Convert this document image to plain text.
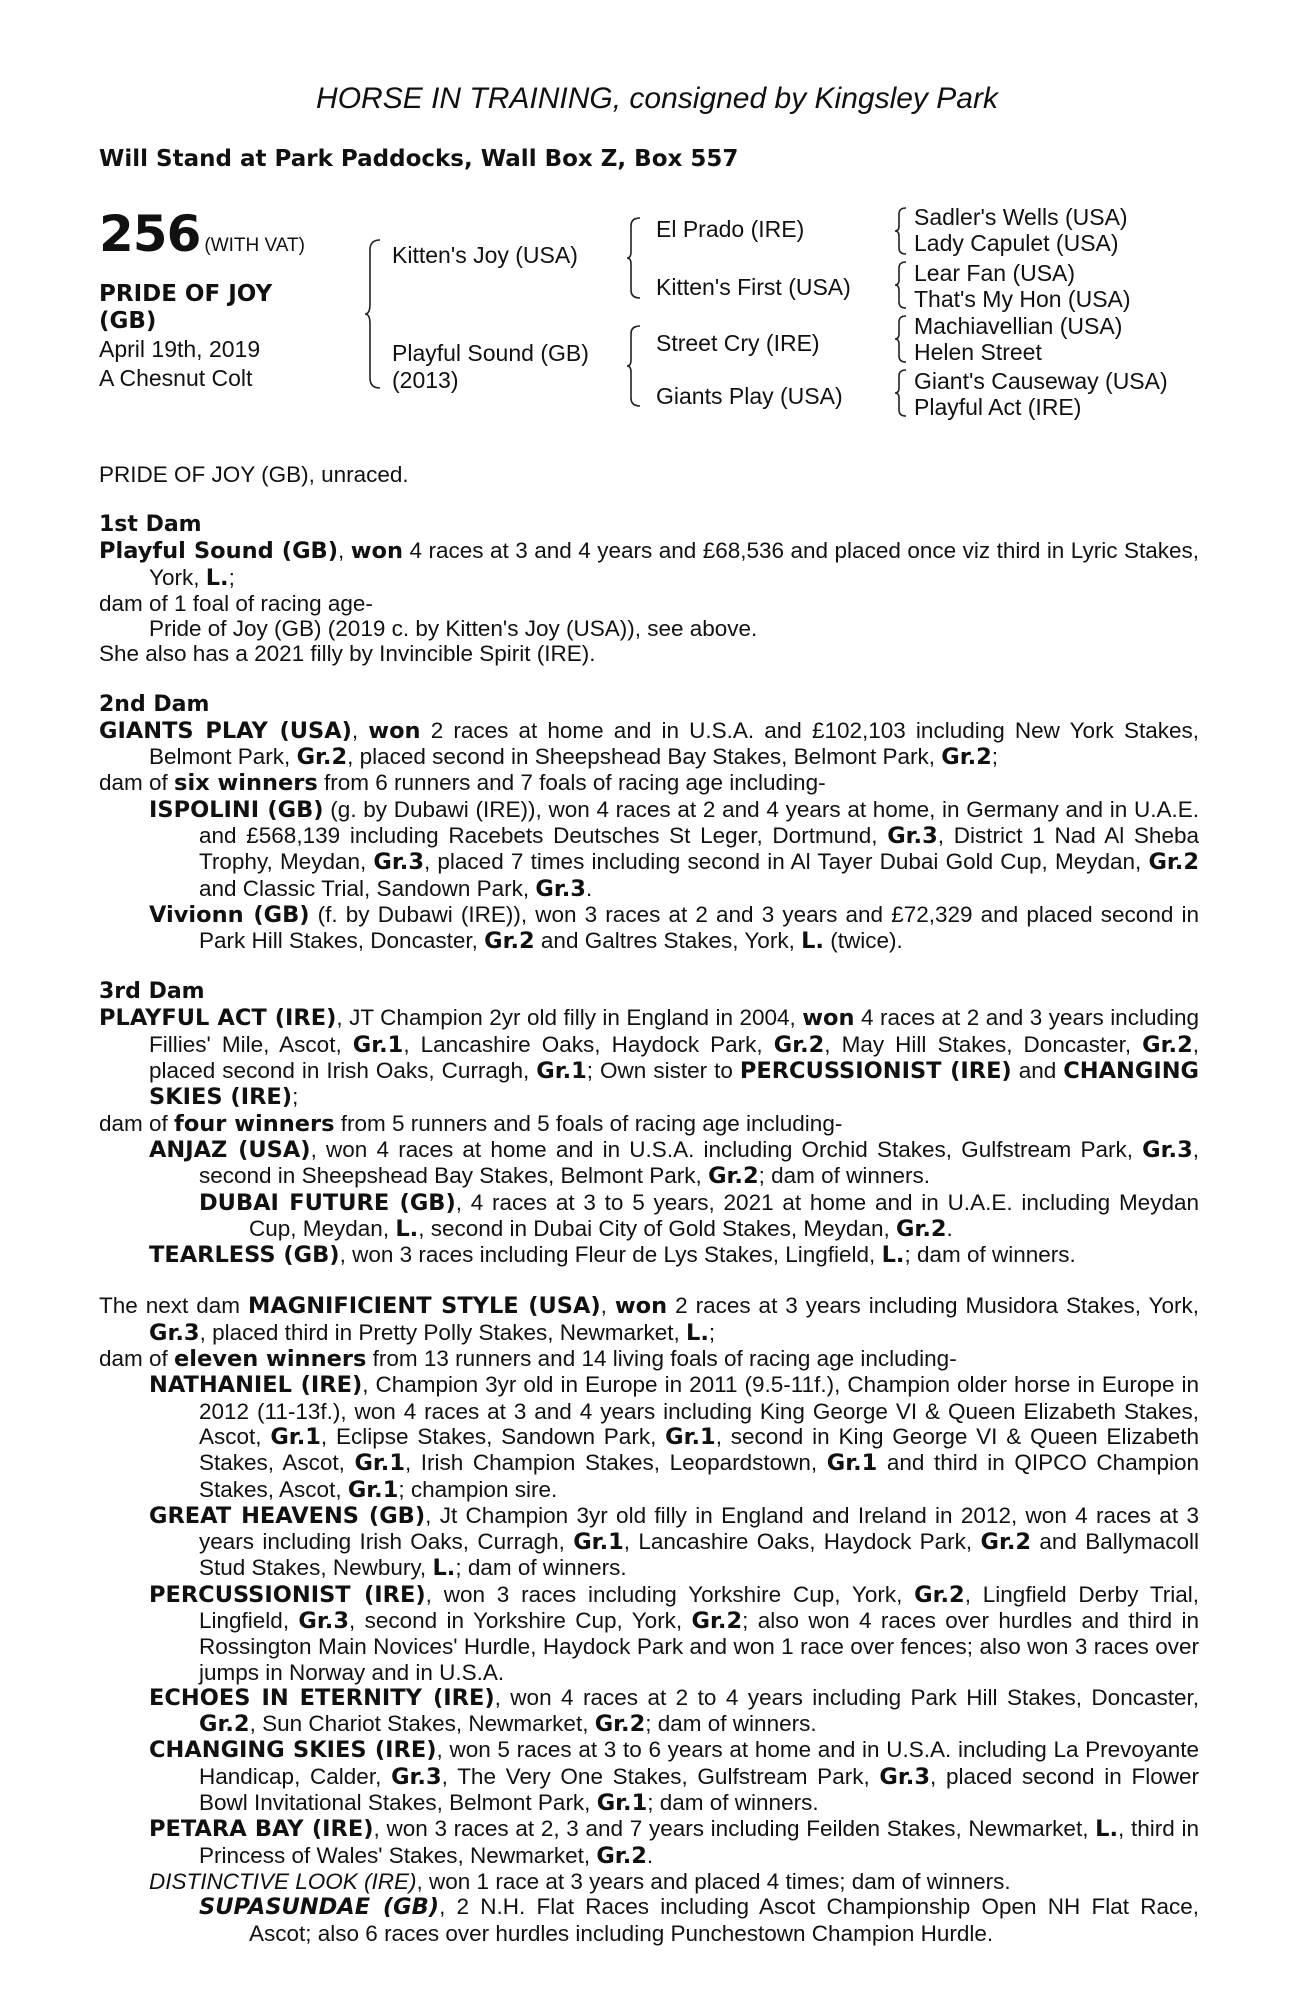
HORSE IN TRAINING, consigned by Kingsley Park
Will Stand at Park Paddocks, Wall Box Z, Box 557
256 (WITH VAT)
PRIDE OF JOY
(GB)
April 19th, 2019
A Chesnut Colt
Kitten's Joy (USA)
Playful Sound (GB)
(2013)
El Prado (IRE)
Kitten's First (USA)
Street Cry (IRE)
Giants Play (USA)
Sadler's Wells (USA)
Lady Capulet (USA)
Lear Fan (USA)
That's My Hon (USA)
Machiavellian (USA)
Helen Street
Giant's Causeway (USA)
Playful Act (IRE)

PRIDE OF JOY (GB), unraced.

1st Dam

Playful Sound (GB), won 4 races at 3 and 4 years and £68,536 and placed once viz third in Lyric Stakes, York, L.;

dam of 1 foal of racing age-

Pride of Joy (GB) (2019 c. by Kitten's Joy (USA)), see above.

She also has a 2021 filly by Invincible Spirit (IRE).

2nd Dam

GIANTS PLAY (USA), won 2 races at home and in U.S.A. and £102,103 including New York Stakes, Belmont Park, Gr.2, placed second in Sheepshead Bay Stakes, Belmont Park, Gr.2;

dam of six winners from 6 runners and 7 foals of racing age including-

ISPOLINI (GB) (g. by Dubawi (IRE)), won 4 races at 2 and 4 years at home, in Germany and in U.A.E. and £568,139 including Racebets Deutsches St Leger, Dortmund, Gr.3, District 1 Nad Al Sheba Trophy, Meydan, Gr.3, placed 7 times including second in Al Tayer Dubai Gold Cup, Meydan, Gr.2 and Classic Trial, Sandown Park, Gr.3.

Vivionn (GB) (f. by Dubawi (IRE)), won 3 races at 2 and 3 years and £72,329 and placed second in Park Hill Stakes, Doncaster, Gr.2 and Galtres Stakes, York, L. (twice).

3rd Dam

PLAYFUL ACT (IRE), JT Champion 2yr old filly in England in 2004, won 4 races at 2 and 3 years including Fillies' Mile, Ascot, Gr.1, Lancashire Oaks, Haydock Park, Gr.2, May Hill Stakes, Doncaster, Gr.2, placed second in Irish Oaks, Curragh, Gr.1; Own sister to PERCUSSIONIST (IRE) and CHANGING SKIES (IRE);

dam of four winners from 5 runners and 5 foals of racing age including-

ANJAZ (USA), won 4 races at home and in U.S.A. including Orchid Stakes, Gulfstream Park, Gr.3, second in Sheepshead Bay Stakes, Belmont Park, Gr.2; dam of winners.

DUBAI FUTURE (GB), 4 races at 3 to 5 years, 2021 at home and in U.A.E. including Meydan Cup, Meydan, L., second in Dubai City of Gold Stakes, Meydan, Gr.2.

TEARLESS (GB), won 3 races including Fleur de Lys Stakes, Lingfield, L.; dam of winners.

The next dam MAGNIFICIENT STYLE (USA), won 2 races at 3 years including Musidora Stakes, York, Gr.3, placed third in Pretty Polly Stakes, Newmarket, L.;

dam of eleven winners from 13 runners and 14 living foals of racing age including-

NATHANIEL (IRE), Champion 3yr old in Europe in 2011 (9.5-11f.), Champion older horse in Europe in 2012 (11-13f.), won 4 races at 3 and 4 years including King George VI & Queen Elizabeth Stakes, Ascot, Gr.1, Eclipse Stakes, Sandown Park, Gr.1, second in King George VI & Queen Elizabeth Stakes, Ascot, Gr.1, Irish Champion Stakes, Leopardstown, Gr.1 and third in QIPCO Champion Stakes, Ascot, Gr.1; champion sire.

GREAT HEAVENS (GB), Jt Champion 3yr old filly in England and Ireland in 2012, won 4 races at 3 years including Irish Oaks, Curragh, Gr.1, Lancashire Oaks, Haydock Park, Gr.2 and Ballymacoll Stud Stakes, Newbury, L.; dam of winners.

PERCUSSIONIST (IRE), won 3 races including Yorkshire Cup, York, Gr.2, Lingfield Derby Trial, Lingfield, Gr.3, second in Yorkshire Cup, York, Gr.2; also won 4 races over hurdles and third in Rossington Main Novices' Hurdle, Haydock Park and won 1 race over fences; also won 3 races over jumps in Norway and in U.S.A.

ECHOES IN ETERNITY (IRE), won 4 races at 2 to 4 years including Park Hill Stakes, Doncaster, Gr.2, Sun Chariot Stakes, Newmarket, Gr.2; dam of winners.

CHANGING SKIES (IRE), won 5 races at 3 to 6 years at home and in U.S.A. including La Prevoyante Handicap, Calder, Gr.3, The Very One Stakes, Gulfstream Park, Gr.3, placed second in Flower Bowl Invitational Stakes, Belmont Park, Gr.1; dam of winners.

PETARA BAY (IRE), won 3 races at 2, 3 and 7 years including Feilden Stakes, Newmarket, L., third in Princess of Wales' Stakes, Newmarket, Gr.2.

DISTINCTIVE LOOK (IRE), won 1 race at 3 years and placed 4 times; dam of winners.

SUPASUNDAE (GB), 2 N.H. Flat Races including Ascot Championship Open NH Flat Race, Ascot; also 6 races over hurdles including Punchestown Champion Hurdle.
